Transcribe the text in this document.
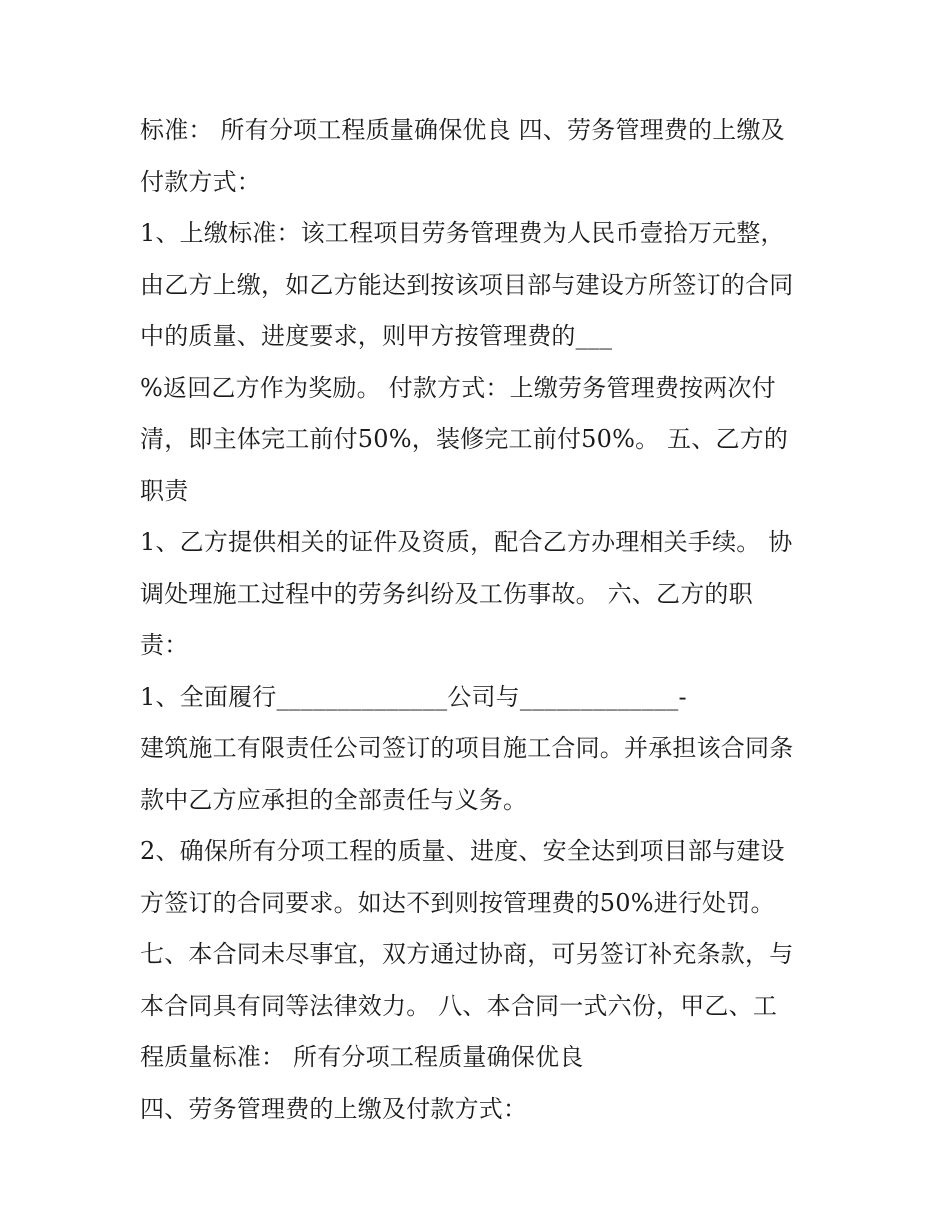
标准： 所有分项工程质量确保优良 四、劳务管理费的上缴及
付款方式：
1、上缴标准：该工程项目劳务管理费为人民币壹拾万元整，
由乙方上缴，如乙方能达到按该项目部与建设方所签订的合同
中的质量、进度要求，则甲方按管理费的___
%返回乙方作为奖励。 付款方式：上缴劳务管理费按两次付
清，即主体完工前付50%，装修完工前付50%。 五、乙方的
职责
1、乙方提供相关的证件及资质，配合乙方办理相关手续。 协
调处理施工过程中的劳务纠纷及工伤事故。 六、乙方的职
责：
1、全面履行______________公司与_____________-
建筑施工有限责任公司签订的项目施工合同。并承担该合同条
款中乙方应承担的全部责任与义务。
2、确保所有分项工程的质量、进度、安全达到项目部与建设
方签订的合同要求。如达不到则按管理费的50%进行处罚。
七、本合同未尽事宜，双方通过协商，可另签订补充条款，与
本合同具有同等法律效力。 八、本合同一式六份，甲乙、工
程质量标准： 所有分项工程质量确保优良
四、劳务管理费的上缴及付款方式：
